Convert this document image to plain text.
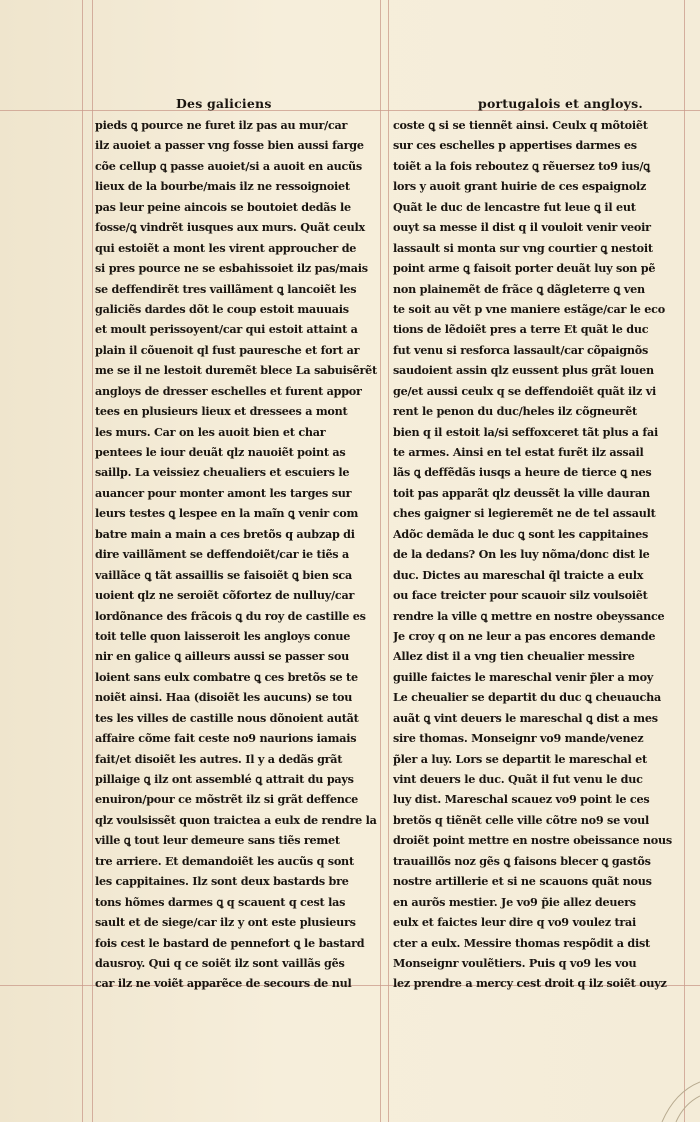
Des galiciens	portugalois et angloys.
pieds ꝗ pource ne furet ilz pas au mur/car
ilz auoiet a passer vng fosse bien aussi farge
cõe cellup ꝗ passe auoiet/si a auoit en aucũs
lieux de la bourbe/mais ilz ne ressoignoiet
pas leur peine aincois se boutoiet dedãs le
fosse/ꝗ vindrẽt iusques aux murs. Quãt ceulx
qui estoiẽt a mont les virent approucher de
si pres pource ne se esbahissoiet ilz pas/mais
se deffendirẽt tres vaillãment ꝗ lancoiẽt les
galiciẽs dardes dõt le coup estoit mauuais
et moult perissoyent/car qui estoit attaint a
plain il cõuenoit ql fust pauresche et fort ar
me se il ne lestoit duremẽt blece La sabuisẽrẽt
angloys de dresser eschelles et furent appor
tees en plusieurs lieux et dressees a mont
les murs. Car on les auoit bien et char
pentees le iour deuãt qlz nauoiẽt point as
saillp. La veissiez cheualiers et escuiers le
auancer pour monter amont les targes sur
leurs testes ꝗ lespee en la maĩn ꝗ venir com
batre main a main a ces bretõs q aubzap di
dire vaillãment se deffendoiẽt/car ie tiẽs a
vaillãce ꝗ tãt assaillis se faisoiẽt ꝗ bien sca
uoient qlz ne seroiẽt cõfortez de nulluy/car
lordõnance des frãcois ꝗ du roy de castille es
toit telle quon laisseroit les angloys conue
nir en galice ꝗ ailleurs aussi se passer sou
loient sans eulx combatre ꝗ ces bretõs se te
noiẽt ainsi. Haa (disoiẽt les aucuns) se tou
tes les villes de castille nous dõnoient autãt
affaire cõme fait ceste no9 naurions iamais
fait/et disoiẽt les autres. Il y a dedãs grãt
pillaige ꝗ ilz ont assemblé ꝗ attrait du pays
enuiron/pour ce mõstrẽt ilz si grãt deffence
qlz voulsissẽt quon traictea a eulx de rendre la
ville ꝗ tout leur demeure sans tiẽs remet
tre arriere. Et demandoiẽt les aucũs q sont
les cappitaines. Ilz sont deux bastards bre
tons hõmes darmes ꝗ q scauent q cest las
sault et de siege/car ilz y ont este plusieurs
fois cest le bastard de pennefort ꝗ le bastard
dausroy. Qui q ce soiẽt ilz sont vaillãs gẽs
car ilz ne voiẽt apparẽce de secours de nul
coste ꝗ si se tiennẽt ainsi. Ceulx q mõtoiẽt
sur ces eschelles p appertises darmes es
toiẽt a la fois reboutez ꝗ rẽuersez to9 ius/ꝗ
lors y auoit grant huirie de ces espaignolz
Quãt le duc de lencastre fut leue ꝗ il eut
ouyt sa messe il dist q il vouloit venir veoir
lassault si monta sur vng courtier ꝗ nestoit
point arme ꝗ faisoit porter deuãt luy son pẽ
non plainemẽt de frãce ꝗ dãgleterre ꝗ ven
te soit au vẽt p vne maniere estãge/car le eco
tions de lẽdoiẽt pres a terre Et quãt le duc
fut venu si resforca lassault/car cõpaignõs
saudoient assin qlz eussent plus grãt louen
ge/et aussi ceulx q se deffendoiẽt quãt ilz vi
rent le penon du duc/heles ilz cõgneurẽt
bien q il estoit la/si seffoxceret tãt plus a fai
te armes. Ainsi en tel estat furẽt ilz assail
lãs ꝗ deffẽdãs iusqs a heure de tierce ꝗ nes
toit pas apparãt qlz deussẽt la ville dauran
ches gaigner si legieremẽt ne de tel assault
Adõc demãda le duc ꝗ sont les cappitaines
de la dedans? On les luy nõma/donc dist le
duc. Dictes au mareschal q̃l traicte a eulx
ou face treicter pour scauoir silz voulsoiẽt
rendre la ville ꝗ mettre en nostre obeyssance
Je croy q on ne leur a pas encores demande
Allez dist il a vng tien cheualier messire
guille faictes le mareschal venir p̃ler a moy
Le cheualier se departit du duc ꝗ cheuaucha
auãt ꝗ vint deuers le mareschal ꝗ dist a mes
sire thomas. Monseignr vo9 mande/venez
p̃ler a luy. Lors se departit le mareschal et
vint deuers le duc. Quãt il fut venu le duc
luy dist. Mareschal scauez vo9 point le ces
bretõs q tiẽnẽt celle ville cõtre no9 se voul
droiẽt point mettre en nostre obeissance nous
trauaillõs noz gẽs ꝗ faisons blecer ꝗ gastõs
nostre artillerie et si ne scauons quãt nous
en aurõs mestier. Je vo9 p̃ie allez deuers
eulx et faictes leur dire q vo9 voulez trai
cter a eulx. Messire thomas respõdit a dist
Monseignr voulẽtiers. Puis q vo9 les vou
lez prendre a mercy cest droit q ilz soiẽt ouyz
